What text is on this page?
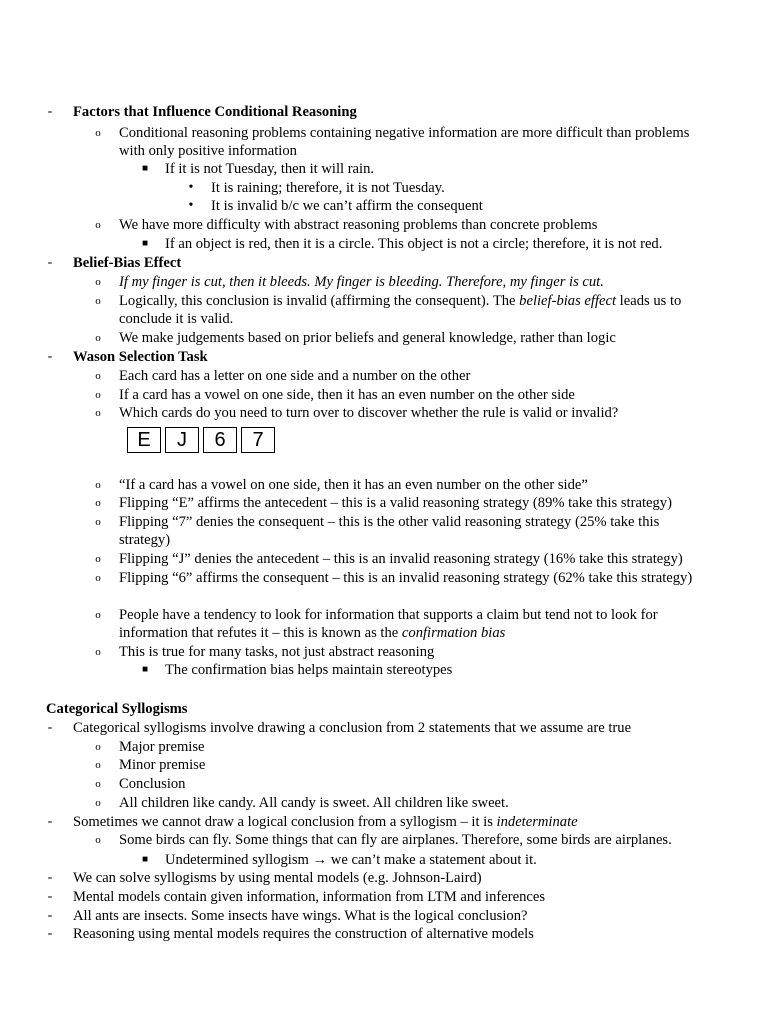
-	Factors that Influence Conditional Reasoning
o	Conditional reasoning problems containing negative information are more difficult than problems
with only positive information
■	If it is not Tuesday, then it will rain.
•	It is raining; therefore, it is not Tuesday.
•	It is invalid b/c we can’t affirm the consequent
o	We have more difficulty with abstract reasoning problems than concrete problems
■	If an object is red, then it is a circle. This object is not a circle; therefore, it is not red.
-	Belief-Bias Effect
o	If my finger is cut, then it bleeds. My finger is bleeding. Therefore, my finger is cut.
o	Logically, this conclusion is invalid (affirming the consequent). The belief-bias effect leads us to
conclude it is valid.
o	We make judgements based on prior beliefs and general knowledge, rather than logic
-	Wason Selection Task
o	Each card has a letter on one side and a number on the other
o	If a card has a vowel on one side, then it has an even number on the other side
o	Which cards do you need to turn over to discover whether the rule is valid or invalid?
E	J	6	7
o	“If a card has a vowel on one side, then it has an even number on the other side”
o	Flipping “E” affirms the antecedent – this is a valid reasoning strategy (89% take this strategy)
o	Flipping “7” denies the consequent – this is the other valid reasoning strategy (25% take this
strategy)
o	Flipping “J” denies the antecedent – this is an invalid reasoning strategy (16% take this strategy)
o	Flipping “6” affirms the consequent – this is an invalid reasoning strategy (62% take this strategy)
o	People have a tendency to look for information that supports a claim but tend not to look for
information that refutes it – this is known as the confirmation bias
o	This is true for many tasks, not just abstract reasoning
■	The confirmation bias helps maintain stereotypes
Categorical Syllogisms
-	Categorical syllogisms involve drawing a conclusion from 2 statements that we assume are true
o	Major premise
o	Minor premise
o	Conclusion
o	All children like candy. All candy is sweet. All children like sweet.
-	Sometimes we cannot draw a logical conclusion from a syllogism – it is indeterminate
o	Some birds can fly. Some things that can fly are airplanes. Therefore, some birds are airplanes.
■	Undetermined syllogism → we can’t make a statement about it.
-	We can solve syllogisms by using mental models (e.g. Johnson-Laird)
-	Mental models contain given information, information from LTM and inferences
-	All ants are insects. Some insects have wings. What is the logical conclusion?
-	Reasoning using mental models requires the construction of alternative models
